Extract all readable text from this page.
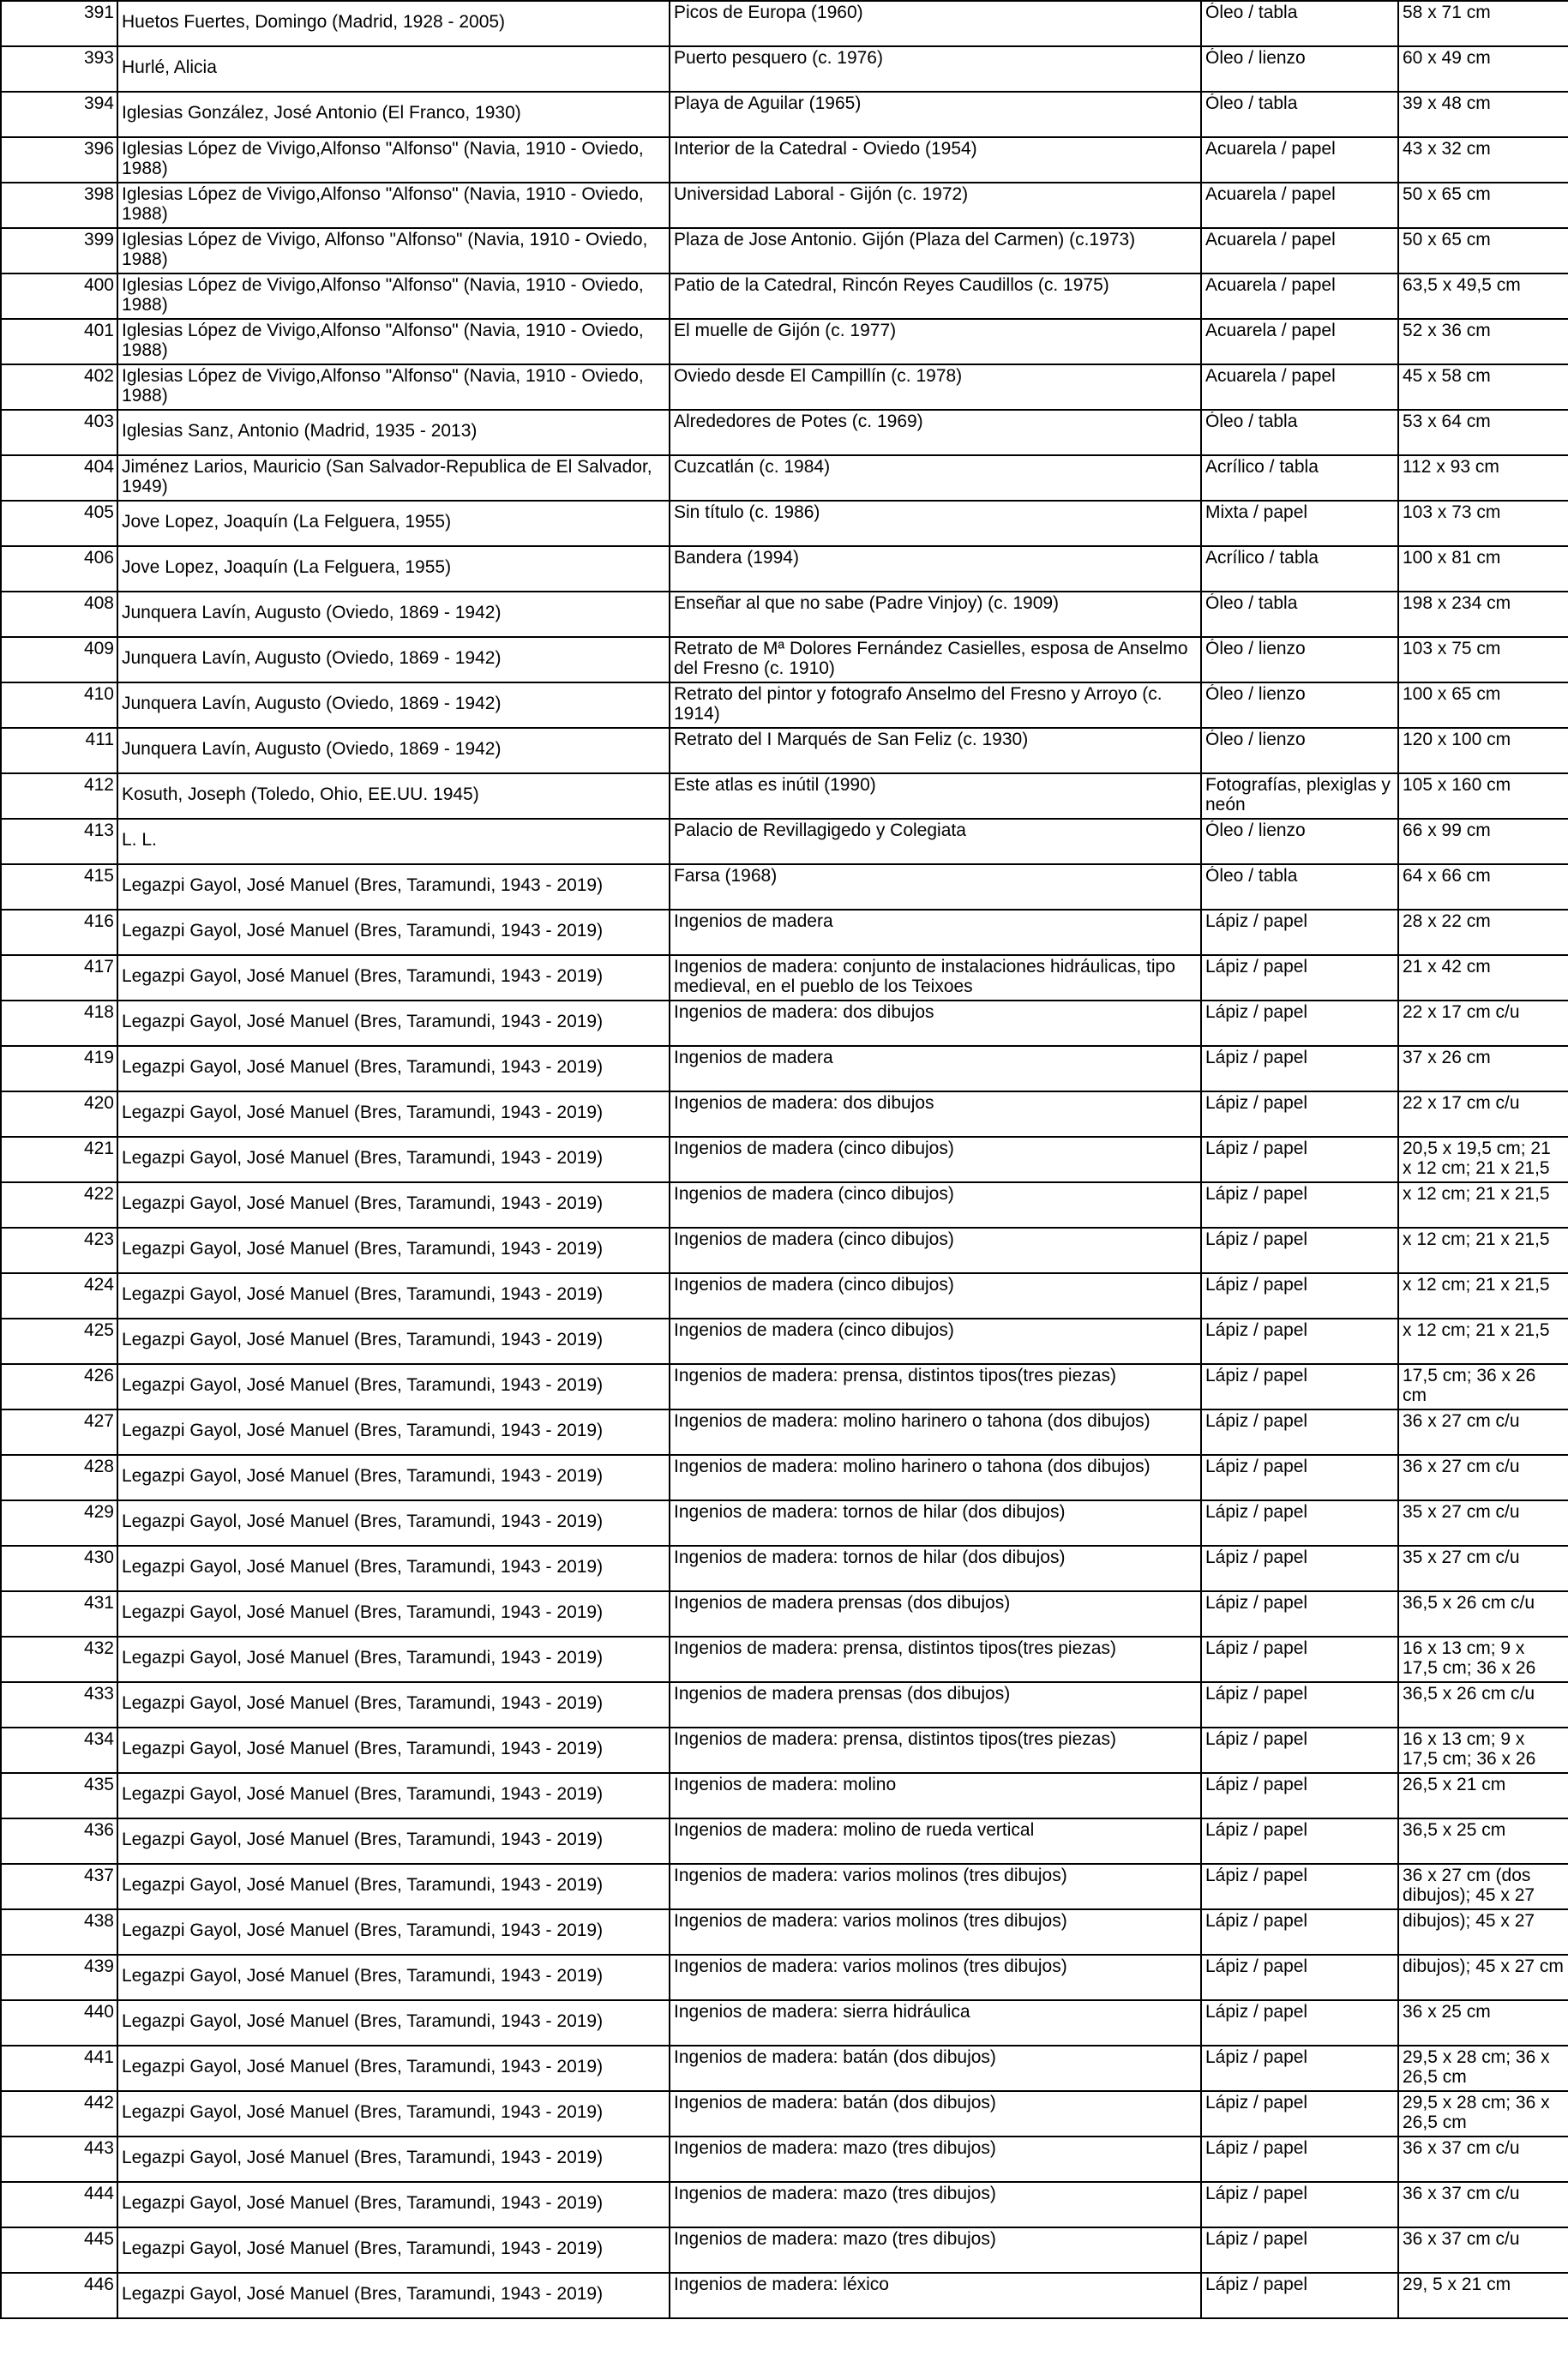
391	Huetos Fuertes, Domingo (Madrid, 1928 - 2005)	Picos de Europa (1960)	Óleo / tabla	58 x 71 cm

393	Hurlé, Alicia	Puerto pesquero (c. 1976)	Óleo / lienzo	60 x 49 cm

394	Iglesias González, José Antonio (El Franco, 1930)	Playa de Aguilar (1965)	Óleo / tabla	39 x 48 cm

396	Iglesias López de Vivigo,Alfonso "Alfonso" (Navia, 1910 - Oviedo, 1988)	Interior de la Catedral - Oviedo (1954)	Acuarela / papel	43 x 32 cm

398	Iglesias López de Vivigo,Alfonso "Alfonso" (Navia, 1910 - Oviedo, 1988)	Universidad Laboral - Gijón (c. 1972)	Acuarela / papel	50 x 65 cm

399	Iglesias López de Vivigo, Alfonso "Alfonso" (Navia, 1910 - Oviedo, 1988)	Plaza de Jose Antonio. Gijón (Plaza del Carmen) (c.1973)	Acuarela / papel	50 x 65 cm

400	Iglesias López de Vivigo,Alfonso "Alfonso" (Navia, 1910 - Oviedo, 1988)	Patio de la Catedral, Rincón Reyes Caudillos (c. 1975)	Acuarela / papel	63,5 x 49,5 cm

401	Iglesias López de Vivigo,Alfonso "Alfonso" (Navia, 1910 - Oviedo, 1988)	El muelle de Gijón (c. 1977)	Acuarela / papel	52 x 36 cm

402	Iglesias López de Vivigo,Alfonso "Alfonso" (Navia, 1910 - Oviedo, 1988)	Oviedo desde El Campillín (c. 1978)	Acuarela / papel	45 x 58 cm

403	Iglesias Sanz, Antonio (Madrid, 1935 - 2013)	Alrededores de Potes (c. 1969)	Óleo / tabla	53 x 64 cm

404	Jiménez Larios, Mauricio (San Salvador-Republica de El Salvador, 1949)	Cuzcatlán (c. 1984)	Acrílico / tabla	112 x 93 cm

405	Jove Lopez, Joaquín (La Felguera, 1955)	Sin título (c. 1986)	Mixta / papel	103 x 73 cm

406	Jove Lopez, Joaquín (La Felguera, 1955)	Bandera (1994)	Acrílico / tabla	100 x 81 cm

408	Junquera Lavín, Augusto (Oviedo, 1869 - 1942)	Enseñar al que no sabe (Padre Vinjoy) (c. 1909)	Óleo / tabla	198 x 234 cm

409	Junquera Lavín, Augusto (Oviedo, 1869 - 1942)	Retrato de Mª Dolores Fernández Casielles, esposa de Anselmo del Fresno (c. 1910)	Óleo / lienzo	103 x 75 cm

410	Junquera Lavín, Augusto (Oviedo, 1869 - 1942)	Retrato del pintor y fotografo Anselmo del Fresno y Arroyo (c. 1914)	Óleo / lienzo	100 x 65 cm

411	Junquera Lavín, Augusto (Oviedo, 1869 - 1942)	Retrato del I Marqués de San Feliz (c. 1930)	Óleo / lienzo	120 x 100 cm

412	Kosuth, Joseph (Toledo, Ohio, EE.UU. 1945)	Este atlas es inútil (1990)	Fotografías, plexiglas y neón	105 x 160 cm

413	L. L.	Palacio de Revillagigedo y Colegiata	Óleo / lienzo	66 x 99 cm

415	Legazpi Gayol, José Manuel (Bres, Taramundi, 1943 - 2019)	Farsa (1968)	Óleo / tabla	64 x 66 cm

416	Legazpi Gayol, José Manuel (Bres, Taramundi, 1943 - 2019)	Ingenios de madera	Lápiz / papel	28 x 22 cm

417	Legazpi Gayol, José Manuel (Bres, Taramundi, 1943 - 2019)	Ingenios de madera: conjunto de instalaciones hidráulicas, tipo medieval, en el pueblo de los Teixoes	Lápiz / papel	21 x 42 cm

418	Legazpi Gayol, José Manuel (Bres, Taramundi, 1943 - 2019)	Ingenios de madera: dos dibujos	Lápiz / papel	22 x 17 cm c/u

419	Legazpi Gayol, José Manuel (Bres, Taramundi, 1943 - 2019)	Ingenios de madera	Lápiz / papel	37 x 26 cm

420	Legazpi Gayol, José Manuel (Bres, Taramundi, 1943 - 2019)	Ingenios de madera: dos dibujos	Lápiz / papel	22 x 17 cm c/u

421	Legazpi Gayol, José Manuel (Bres, Taramundi, 1943 - 2019)	Ingenios de madera (cinco dibujos)	Lápiz / papel	20,5 x 19,5 cm; 21 x 12 cm; 21 x 21,5

422	Legazpi Gayol, José Manuel (Bres, Taramundi, 1943 - 2019)	Ingenios de madera (cinco dibujos)	Lápiz / papel	x 12 cm; 21 x 21,5

423	Legazpi Gayol, José Manuel (Bres, Taramundi, 1943 - 2019)	Ingenios de madera (cinco dibujos)	Lápiz / papel	x 12 cm; 21 x 21,5

424	Legazpi Gayol, José Manuel (Bres, Taramundi, 1943 - 2019)	Ingenios de madera (cinco dibujos)	Lápiz / papel	x 12 cm; 21 x 21,5

425	Legazpi Gayol, José Manuel (Bres, Taramundi, 1943 - 2019)	Ingenios de madera (cinco dibujos)	Lápiz / papel	x 12 cm; 21 x 21,5

426	Legazpi Gayol, José Manuel (Bres, Taramundi, 1943 - 2019)	Ingenios de madera: prensa, distintos tipos(tres piezas)	Lápiz / papel	17,5 cm; 36 x 26 cm

427	Legazpi Gayol, José Manuel (Bres, Taramundi, 1943 - 2019)	Ingenios de madera: molino harinero o tahona (dos dibujos)	Lápiz / papel	36 x 27 cm c/u

428	Legazpi Gayol, José Manuel (Bres, Taramundi, 1943 - 2019)	Ingenios de madera: molino harinero o tahona (dos dibujos)	Lápiz / papel	36 x 27 cm c/u

429	Legazpi Gayol, José Manuel (Bres, Taramundi, 1943 - 2019)	Ingenios de madera: tornos de hilar (dos dibujos)	Lápiz / papel	35 x 27 cm c/u

430	Legazpi Gayol, José Manuel (Bres, Taramundi, 1943 - 2019)	Ingenios de madera: tornos de hilar (dos dibujos)	Lápiz / papel	35 x 27 cm c/u

431	Legazpi Gayol, José Manuel (Bres, Taramundi, 1943 - 2019)	Ingenios de madera prensas (dos dibujos)	Lápiz / papel	36,5 x 26 cm c/u

432	Legazpi Gayol, José Manuel (Bres, Taramundi, 1943 - 2019)	Ingenios de madera: prensa, distintos tipos(tres piezas)	Lápiz / papel	16 x 13 cm; 9 x 17,5 cm; 36 x 26

433	Legazpi Gayol, José Manuel (Bres, Taramundi, 1943 - 2019)	Ingenios de madera prensas (dos dibujos)	Lápiz / papel	36,5 x 26 cm c/u

434	Legazpi Gayol, José Manuel (Bres, Taramundi, 1943 - 2019)	Ingenios de madera: prensa, distintos tipos(tres piezas)	Lápiz / papel	16 x 13 cm; 9 x 17,5 cm; 36 x 26

435	Legazpi Gayol, José Manuel (Bres, Taramundi, 1943 - 2019)	Ingenios de madera: molino	Lápiz / papel	26,5 x 21 cm

436	Legazpi Gayol, José Manuel (Bres, Taramundi, 1943 - 2019)	Ingenios de madera: molino de rueda vertical	Lápiz / papel	36,5 x 25 cm

437	Legazpi Gayol, José Manuel (Bres, Taramundi, 1943 - 2019)	Ingenios de madera: varios molinos (tres dibujos)	Lápiz / papel	36 x 27 cm (dos dibujos); 45 x 27

438	Legazpi Gayol, José Manuel (Bres, Taramundi, 1943 - 2019)	Ingenios de madera: varios molinos (tres dibujos)	Lápiz / papel	dibujos); 45 x 27

439	Legazpi Gayol, José Manuel (Bres, Taramundi, 1943 - 2019)	Ingenios de madera: varios molinos (tres dibujos)	Lápiz / papel	dibujos); 45 x 27 cm

440	Legazpi Gayol, José Manuel (Bres, Taramundi, 1943 - 2019)	Ingenios de madera: sierra hidráulica	Lápiz / papel	36 x 25 cm

441	Legazpi Gayol, José Manuel (Bres, Taramundi, 1943 - 2019)	Ingenios de madera: batán (dos dibujos)	Lápiz / papel	29,5 x 28 cm; 36 x 26,5 cm

442	Legazpi Gayol, José Manuel (Bres, Taramundi, 1943 - 2019)	Ingenios de madera: batán (dos dibujos)	Lápiz / papel	29,5 x 28 cm; 36 x 26,5 cm

443	Legazpi Gayol, José Manuel (Bres, Taramundi, 1943 - 2019)	Ingenios de madera: mazo (tres dibujos)	Lápiz / papel	36 x 37 cm c/u

444	Legazpi Gayol, José Manuel (Bres, Taramundi, 1943 - 2019)	Ingenios de madera: mazo (tres dibujos)	Lápiz / papel	36 x 37 cm c/u

445	Legazpi Gayol, José Manuel (Bres, Taramundi, 1943 - 2019)	Ingenios de madera: mazo (tres dibujos)	Lápiz / papel	36 x 37 cm c/u

446	Legazpi Gayol, José Manuel (Bres, Taramundi, 1943 - 2019)	Ingenios de madera: léxico	Lápiz / papel	29, 5 x 21 cm
